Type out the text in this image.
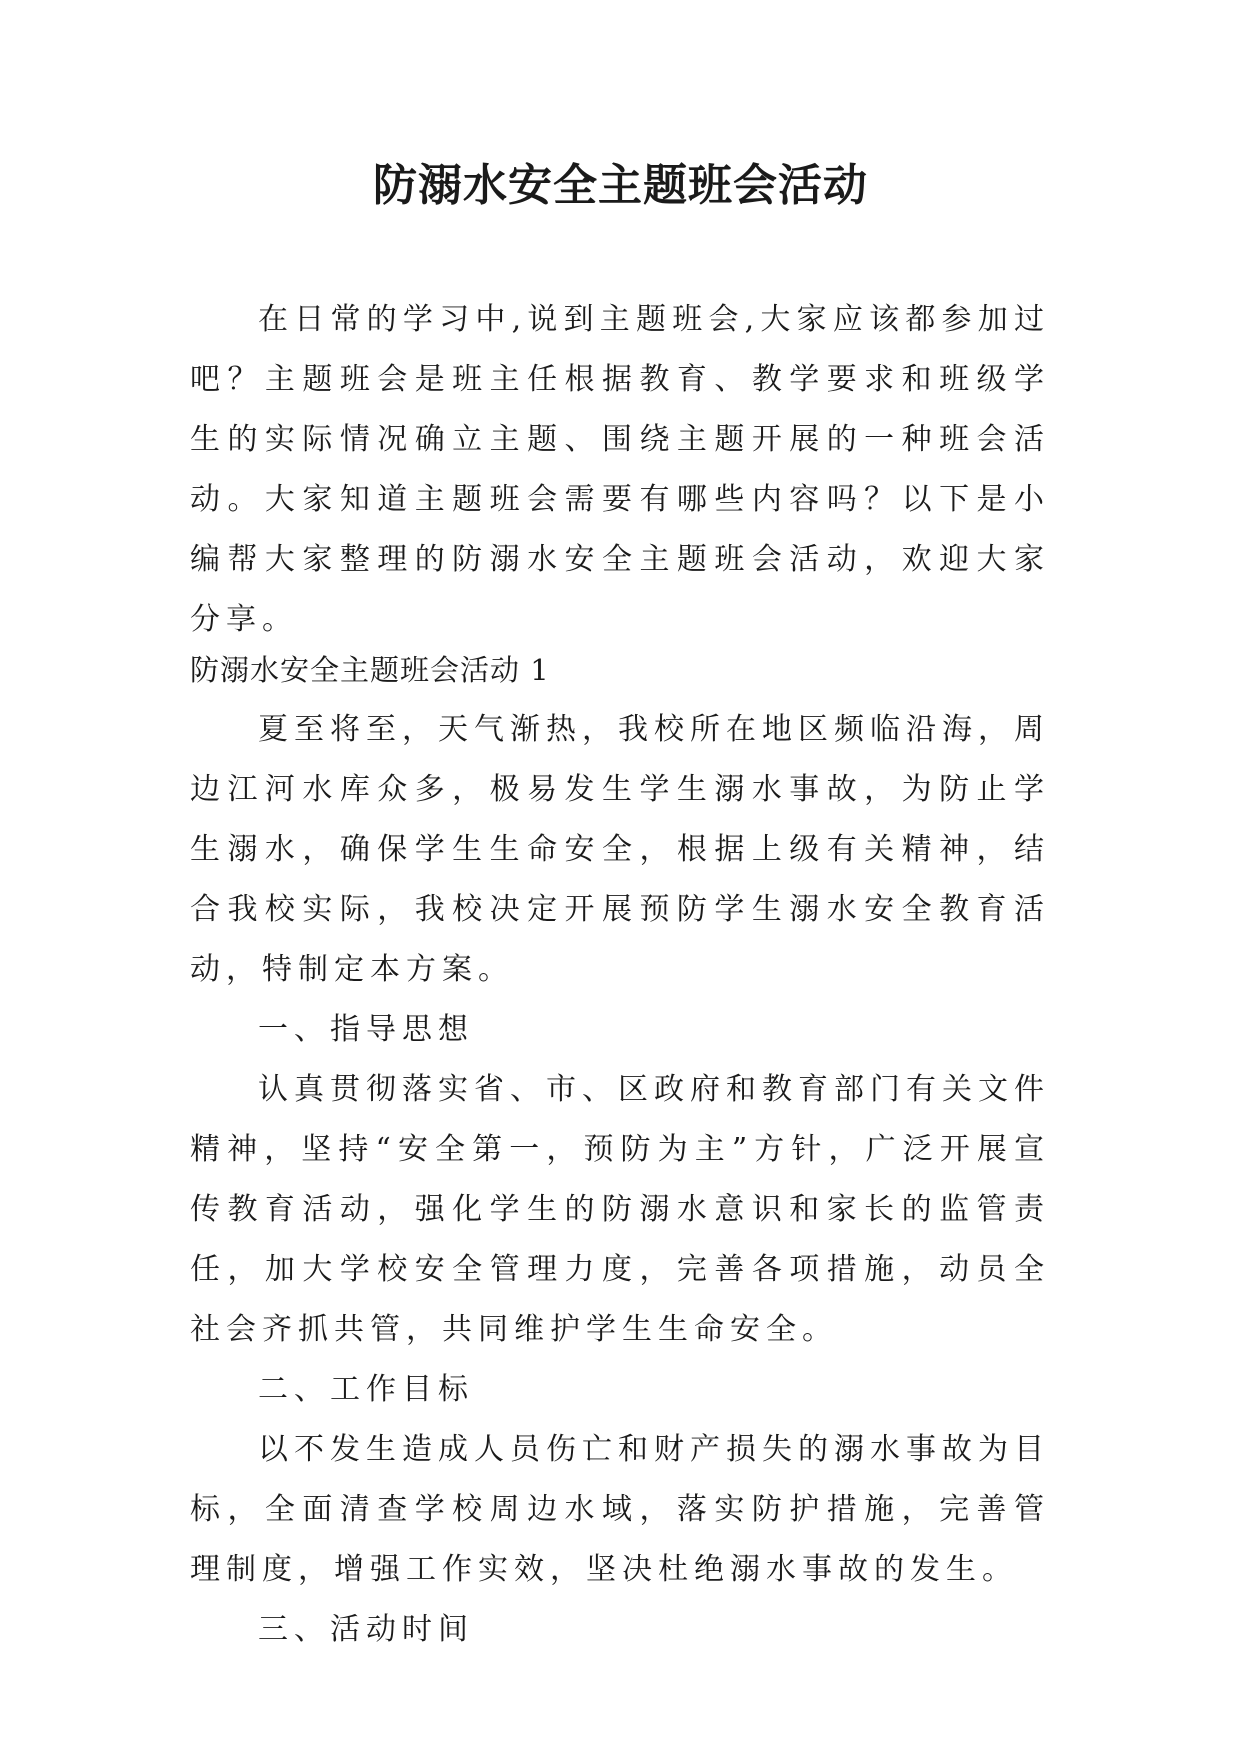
防溺水安全主题班会活动

在日常的学习中,说到主题班会,大家应该都参加过吧？主题班会是班主任根据教育、教学要求和班级学生的实际情况确立主题、围绕主题开展的一种班会活动。大家知道主题班会需要有哪些内容吗？以下是小编帮大家整理的防溺水安全主题班会活动，欢迎大家分享。

防溺水安全主题班会活动 1

夏至将至，天气渐热，我校所在地区频临沿海，周边江河水库众多，极易发生学生溺水事故，为防止学生溺水，确保学生生命安全，根据上级有关精神，结合我校实际，我校决定开展预防学生溺水安全教育活动，特制定本方案。

一、指导思想

认真贯彻落实省、市、区政府和教育部门有关文件精神，坚持“安全第一，预防为主”方针，广泛开展宣传教育活动，强化学生的防溺水意识和家长的监管责任，加大学校安全管理力度，完善各项措施，动员全社会齐抓共管，共同维护学生生命安全。

二、工作目标

以不发生造成人员伤亡和财产损失的溺水事故为目标，全面清查学校周边水域，落实防护措施，完善管理制度，增强工作实效，坚决杜绝溺水事故的发生。

三、活动时间
